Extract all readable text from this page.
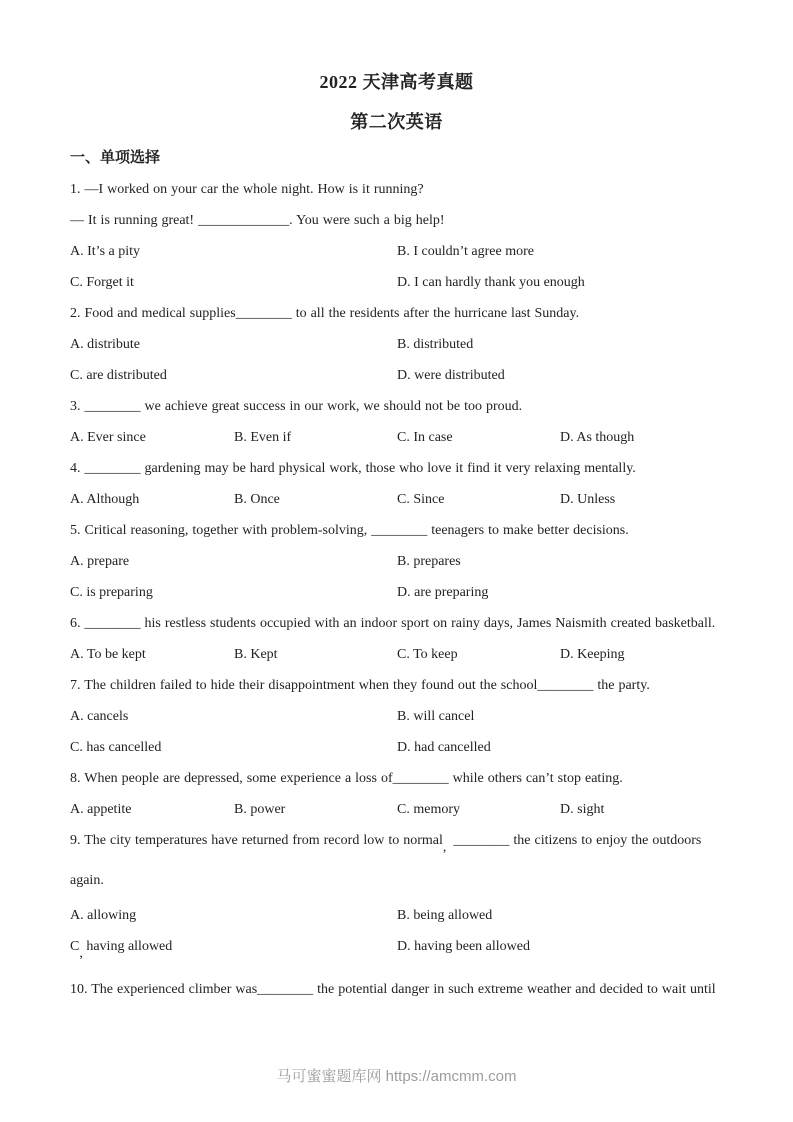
2022 天津高考真题
第二次英语
一、单项选择

1. —I worked on your car the whole night. How is it running?

— It is running great! _____________. You were such a big help!

A. It’s a pity	B. I couldn’t agree more
C. Forget it	D. I can hardly thank you enough

2. Food and medical supplies________ to all the residents after the hurricane last Sunday.

A. distribute	B. distributed
C. are distributed	D. were distributed

3. ________ we achieve great success in our work, we should not be too proud.

A. Ever since	B. Even if	C. In case	D. As though

4. ________ gardening may be hard physical work, those who love it find it very relaxing mentally.

A. Although	B. Once	C. Since	D. Unless

5. Critical reasoning, together with problem-solving, ________ teenagers to make better decisions.

A. prepare	B. prepares
C. is preparing	D. are preparing

6. ________ his restless students occupied with an indoor sport on rainy days, James Naismith created basketball.

A. To be kept	B. Kept	C. To keep	D. Keeping

7. The children failed to hide their disappointment when they found out the school________ the party.

A. cancels	B. will cancel
C. has cancelled	D. had cancelled

8. When people are depressed, some experience a loss of________ while others can’t stop eating.

A. appetite	B. power	C. memory	D. sight

9. The city temperatures have returned from record low to normal, ________ the citizens to enjoy the outdoors

again.

A. allowing	B. being allowed
C, having allowed	D. having been allowed

10. The experienced climber was________ the potential danger in such extreme weather and decided to wait until

马可蜜蜜题库网 https://amcmm.com
